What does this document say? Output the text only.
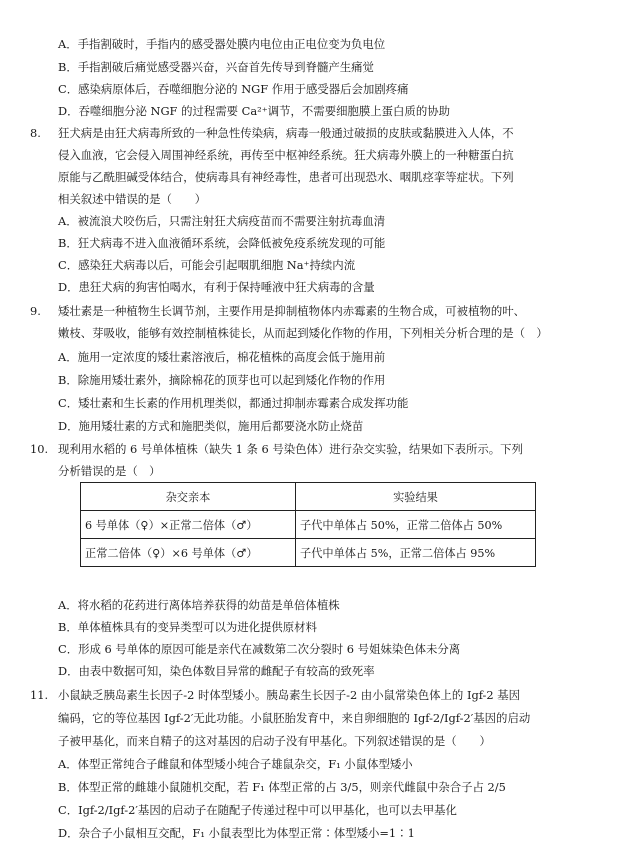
A．手指割破时，手指内的感受器处膜内电位由正电位变为负电位
B．手指割破后痛觉感受器兴奋，兴奋首先传导到脊髓产生痛觉
C．感染病原体后，吞噬细胞分泌的 NGF 作用于感受器后会加剧疼痛
D．吞噬细胞分泌 NGF 的过程需要 Ca²⁺调节，不需要细胞膜上蛋白质的协助
8. 狂犬病是由狂犬病毒所致的一种急性传染病，病毒一般通过破损的皮肤或黏膜进入人体，不
侵入血液，它会侵入周围神经系统，再传至中枢神经系统。狂犬病毒外膜上的一种糖蛋白抗
原能与乙酰胆碱受体结合，使病毒具有神经毒性，患者可出现恐水、咽肌痉挛等症状。下列
相关叙述中错误的是（　　）
A．被流浪犬咬伤后，只需注射狂犬病疫苗而不需要注射抗毒血清
B．狂犬病毒不进入血液循环系统，会降低被免疫系统发现的可能
C．感染狂犬病毒以后，可能会引起咽肌细胞 Na⁺持续内流
D．患狂犬病的狗害怕喝水，有利于保持唾液中狂犬病毒的含量
9. 矮壮素是一种植物生长调节剂，主要作用是抑制植物体内赤霉素的生物合成，可被植物的叶、
嫩枝、芽吸收，能够有效控制植株徒长，从而起到矮化作物的作用，下列相关分析合理的是（　）
A．施用一定浓度的矮壮素溶液后，棉花植株的高度会低于施用前
B．除施用矮壮素外，摘除棉花的顶芽也可以起到矮化作物的作用
C．矮壮素和生长素的作用机理类似，都通过抑制赤霉素合成发挥功能
D．施用矮壮素的方式和施肥类似，施用后都要浇水防止烧苗
10. 现利用水稻的 6 号单体植株（缺失 1 条 6 号染色体）进行杂交实验，结果如下表所示。下列
分析错误的是（　）
杂交亲本	实验结果
6 号单体（♀）×正常二倍体（♂）	子代中单体占 50%，正常二倍体占 50%
正常二倍体（♀）×6 号单体（♂）	子代中单体占 5%，正常二倍体占 95%
A．将水稻的花药进行离体培养获得的幼苗是单倍体植株
B．单体植株具有的变异类型可以为进化提供原材料
C．形成 6 号单体的原因可能是亲代在减数第二次分裂时 6 号姐妹染色体未分离
D．由表中数据可知，染色体数目异常的雌配子有较高的致死率
11. 小鼠缺乏胰岛素生长因子-2 时体型矮小。胰岛素生长因子-2 由小鼠常染色体上的 Igf-2 基因
编码，它的等位基因 Igf-2′无此功能。小鼠胚胎发育中，来自卵细胞的 Igf-2/Igf-2′基因的启动
子被甲基化，而来自精子的这对基因的启动子没有甲基化。下列叙述错误的是（　　）
A．体型正常纯合子雌鼠和体型矮小纯合子雄鼠杂交，F₁ 小鼠体型矮小
B．体型正常的雌雄小鼠随机交配，若 F₁ 体型正常的占 3/5，则亲代雌鼠中杂合子占 2/5
C．Igf-2/Igf-2′基因的启动子在随配子传递过程中可以甲基化，也可以去甲基化
D．杂合子小鼠相互交配，F₁ 小鼠表型比为体型正常∶体型矮小=1∶1
